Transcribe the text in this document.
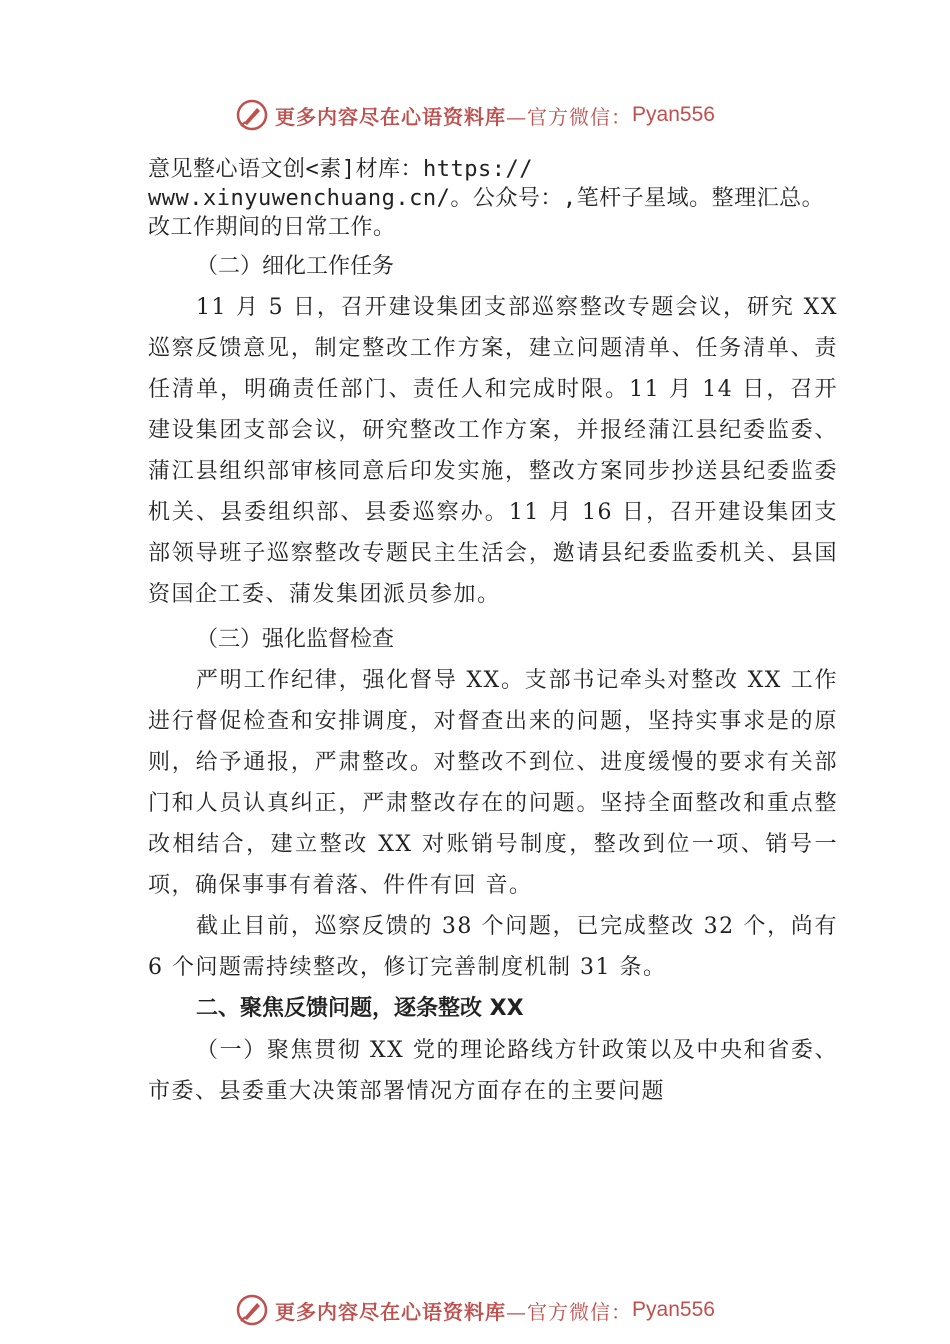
更多内容尽在心语资料库 —官方微信： Pyan556
意见整心语文创<素]材库：https://
www.xinyuwenchuang.cn/。公众号：,笔杆子星域。整理汇总。
改工作期间的日常工作。
（二）细化工作任务
11 月 5 日，召开建设集团支部巡察整改专题会议，研究 XX 巡察反馈意见，制定整改工作方案，建立问题清单、任务清单、责任清单，明确责任部门、责任人和完成时限。11 月 14 日，召开建设集团支部会议，研究整改工作方案，并报经蒲江县纪委监委、蒲江县组织部审核同意后印发实施，整改方案同步抄送县纪委监委机关、县委组织部、县委巡察办。11 月 16 日，召开建设集团支部领导班子巡察整改专题民主生活会，邀请县纪委监委机关、县国资国企工委、蒲发集团派员参加。
（三）强化监督检查
严明工作纪律，强化督导 XX。支部书记牵头对整改 XX 工作进行督促检查和安排调度，对督查出来的问题，坚持实事求是的原则，给予通报，严肃整改。对整改不到位、进度缓慢的要求有关部门和人员认真纠正，严肃整改存在的问题。坚持全面整改和重点整改相结合，建立整改 XX 对账销号制度，整改到位一项、销号一项，确保事事有着落、件件有回 音。
截止目前，巡察反馈的 38 个问题，已完成整改 32 个，尚有 6 个问题需持续整改，修订完善制度机制 31 条。
二、聚焦反馈问题，逐条整改 XX
（一）聚焦贯彻 XX 党的理论路线方针政策以及中央和省委、市委、县委重大决策部署情况方面存在的主要问题
更多内容尽在心语资料库 —官方微信： Pyan556
